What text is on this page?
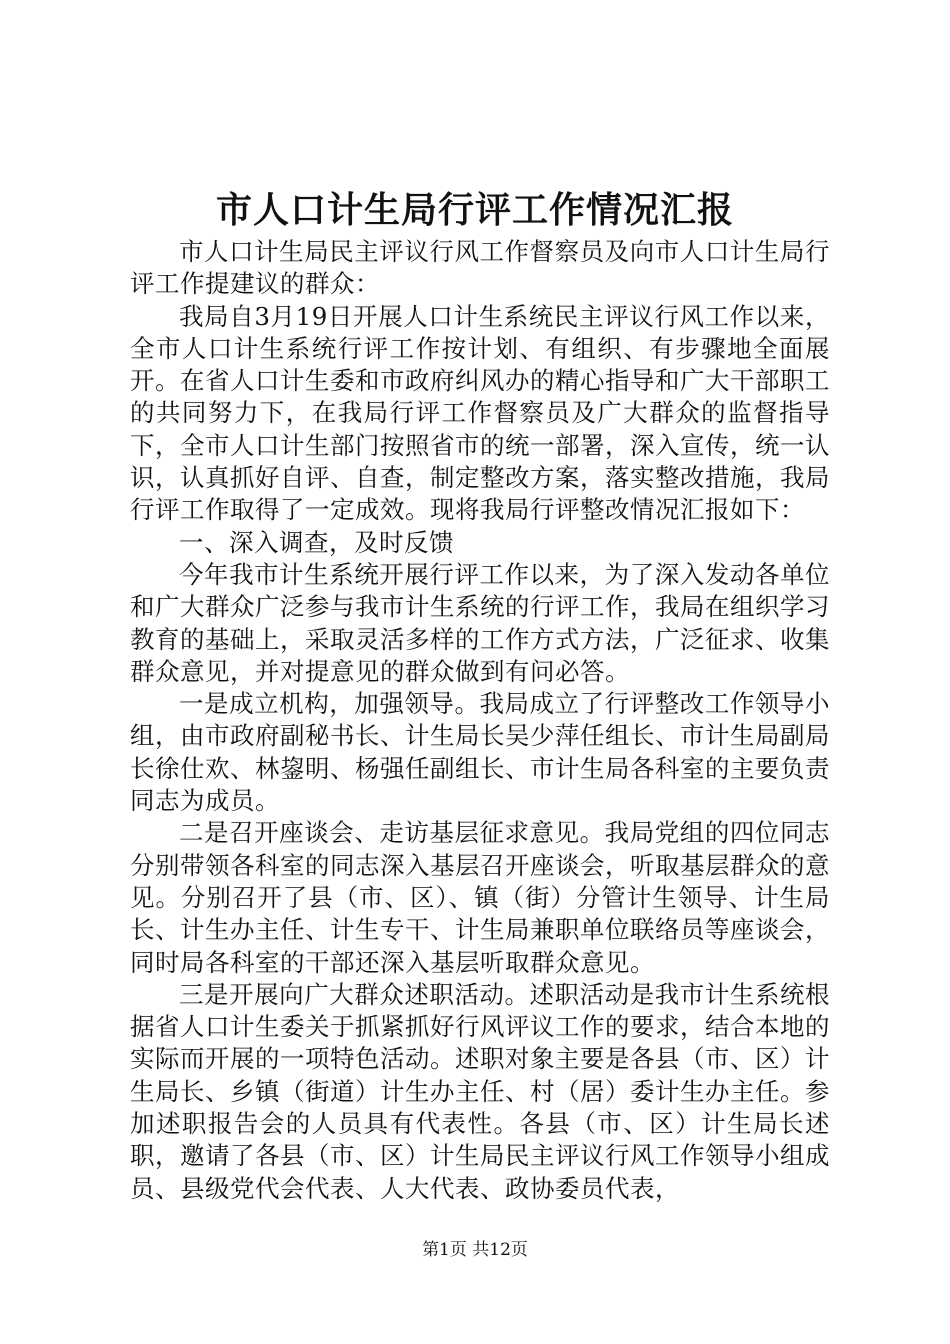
市人口计生局行评工作情况汇报

市人口计生局民主评议行风工作督察员及向市人口计生局行评工作提建议的群众：

我局自3月19日开展人口计生系统民主评议行风工作以来，全市人口计生系统行评工作按计划、有组织、有步骤地全面展开。在省人口计生委和市政府纠风办的精心指导和广大干部职工的共同努力下，在我局行评工作督察员及广大群众的监督指导下，全市人口计生部门按照省市的统一部署，深入宣传，统一认识，认真抓好自评、自查，制定整改方案，落实整改措施，我局行评工作取得了一定成效。现将我局行评整改情况汇报如下：

一、深入调查，及时反馈

今年我市计生系统开展行评工作以来，为了深入发动各单位和广大群众广泛参与我市计生系统的行评工作，我局在组织学习教育的基础上，采取灵活多样的工作方式方法，广泛征求、收集群众意见，并对提意见的群众做到有问必答。

一是成立机构，加强领导。我局成立了行评整改工作领导小组，由市政府副秘书长、计生局长吴少萍任组长、市计生局副局长徐仕欢、林鋆明、杨强任副组长、市计生局各科室的主要负责同志为成员。

二是召开座谈会、走访基层征求意见。我局党组的四位同志分别带领各科室的同志深入基层召开座谈会，听取基层群众的意见。分别召开了县（市、区）、镇（街）分管计生领导、计生局长、计生办主任、计生专干、计生局兼职单位联络员等座谈会，同时局各科室的干部还深入基层听取群众意见。

三是开展向广大群众述职活动。述职活动是我市计生系统根据省人口计生委关于抓紧抓好行风评议工作的要求，结合本地的实际而开展的一项特色活动。述职对象主要是各县（市、区）计生局长、乡镇（街道）计生办主任、村（居）委计生办主任。参加述职报告会的人员具有代表性。各县（市、区）计生局长述职，邀请了各县（市、区）计生局民主评议行风工作领导小组成员、县级党代会代表、人大代表、政协委员代表，

第1页 共12页
